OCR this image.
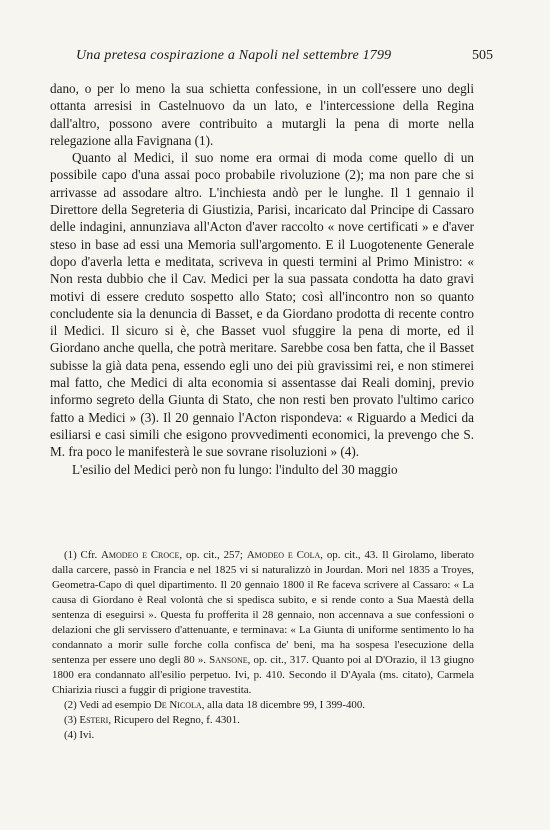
Una pretesa cospirazione a Napoli nel settembre 1799	505

dano, o per lo meno la sua schietta confessione, in un coll'essere uno degli ottanta arresisi in Castelnuovo da un lato, e l'intercessione della Regina dall'altro, possono avere contribuito a mutargli la pena di morte nella relegazione alla Favignana (1).

Quanto al Medici, il suo nome era ormai di moda come quello di un possibile capo d'una assai poco probabile rivoluzione (2); ma non pare che si arrivasse ad assodare altro. L'inchiesta andò per le lunghe. Il 1 gennaio il Direttore della Segreteria di Giustizia, Parisi, incaricato dal Principe di Cassaro delle indagini, annunziava all'Acton d'aver raccolto « nove certificati » e d'aver steso in base ad essi una Memoria sull'argomento. E il Luogotenente Generale dopo d'averla letta e meditata, scriveva in questi termini al Primo Ministro: « Non resta dubbio che il Cav. Medici per la sua passata condotta ha dato gravi motivi di essere creduto sospetto allo Stato; così all'incontro non so quanto concludente sia la denuncia di Basset, e da Giordano prodotta di recente contro il Medici. Il sicuro si è, che Basset vuol sfuggire la pena di morte, ed il Giordano anche quella, che potrà meritare. Sarebbe cosa ben fatta, che il Basset subisse la già data pena, essendo egli uno dei più gravissimi rei, e non stimerei mal fatto, che Medici di alta economia si assentasse dai Reali dominj, previo informo segreto della Giunta di Stato, che non resti ben provato l'ultimo carico fatto a Medici » (3). Il 20 gennaio l'Acton rispondeva: « Riguardo a Medici da esiliarsi e casi simili che esigono provvedimenti economici, la prevengo che S. M. fra poco le manifesterà le sue sovrane risoluzioni » (4).

L'esilio del Medici però non fu lungo: l'indulto del 30 maggio

(1) Cfr. Amodeo e Croce, op. cit., 257; Amodeo e Cola, op. cit., 43. Il Girolamo, liberato dalla carcere, passò in Francia e nel 1825 vi si naturalizzò in Jourdan. Morì nel 1835 a Troyes, Geometra-Capo di quel dipartimento. Il 20 gennaio 1800 il Re faceva scrivere al Cassaro: « La causa di Giordano è Real volontà che si spedisca subito, e si rende conto a Sua Maestà della sentenza di eseguirsi ». Questa fu profferita il 28 gennaio, non accennava a sue confessioni o delazioni che gli servissero d'attenuante, e terminava: « La Giunta di uniforme sentimento lo ha condannato a morir sulle forche colla confisca de' beni, ma ha sospesa l'esecuzione della sentenza per essere uno degli 80 ». Sansone, op. cit., 317. Quanto poi al D'Orazio, il 13 giugno 1800 era condannato all'esilio perpetuo. Ivi, p. 410. Secondo il D'Ayala (ms. citato), Carmela Chiarizia riuscì a fuggir di prigione travestita.

(2) Vedi ad esempio De Nicola, alla data 18 dicembre 99, I 399-400.

(3) Esteri, Ricupero del Regno, f. 4301.

(4) Ivi.
